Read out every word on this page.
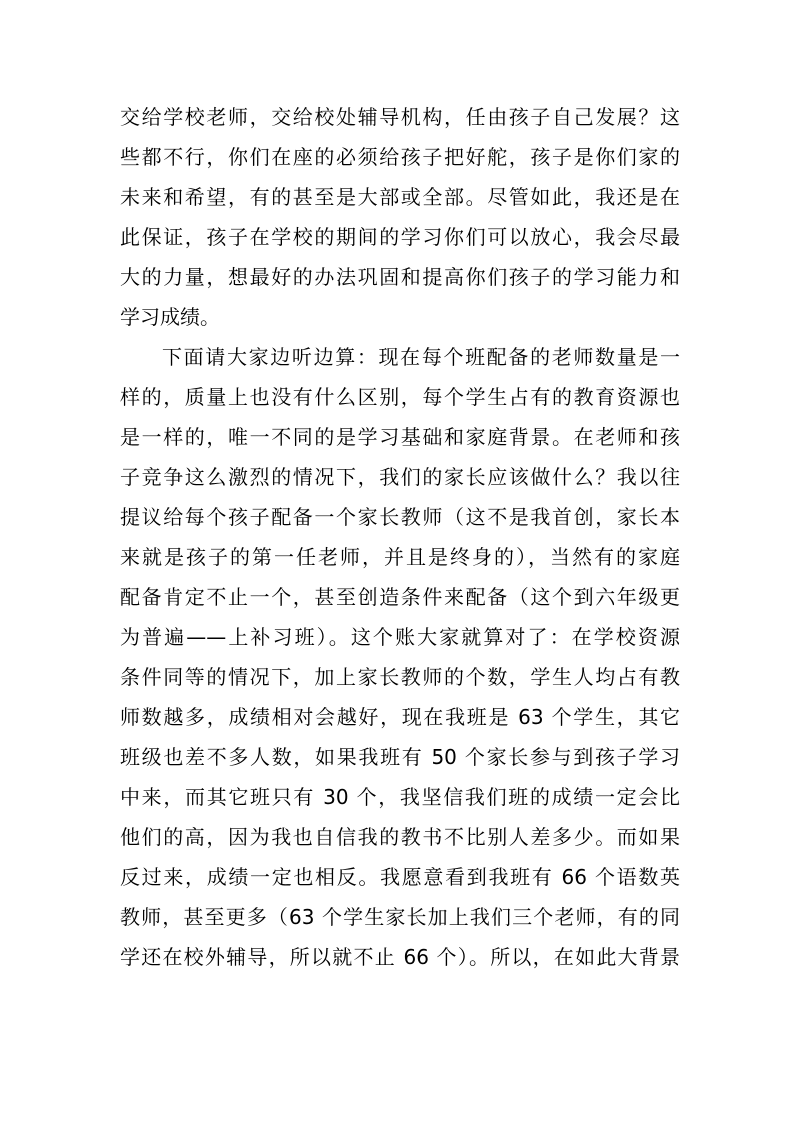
交给学校老师，交给校处辅导机构，任由孩子自己发展？这
些都不行，你们在座的必须给孩子把好舵，孩子是你们家的
未来和希望，有的甚至是大部或全部。尽管如此，我还是在
此保证，孩子在学校的期间的学习你们可以放心，我会尽最
大的力量，想最好的办法巩固和提高你们孩子的学习能力和
学习成绩。
下面请大家边听边算：现在每个班配备的老师数量是一
样的，质量上也没有什么区别，每个学生占有的教育资源也
是一样的，唯一不同的是学习基础和家庭背景。在老师和孩
子竞争这么激烈的情况下，我们的家长应该做什么？我以往
提议给每个孩子配备一个家长教师（这不是我首创，家长本
来就是孩子的第一任老师，并且是终身的），当然有的家庭
配备肯定不止一个，甚至创造条件来配备（这个到六年级更
为普遍——上补习班）。这个账大家就算对了：在学校资源
条件同等的情况下，加上家长教师的个数，学生人均占有教
师数越多，成绩相对会越好，现在我班是 63 个学生，其它
班级也差不多人数，如果我班有 50 个家长参与到孩子学习
中来，而其它班只有 30 个，我坚信我们班的成绩一定会比
他们的高，因为我也自信我的教书不比别人差多少。而如果
反过来，成绩一定也相反。我愿意看到我班有 66 个语数英
教师，甚至更多（63 个学生家长加上我们三个老师，有的同
学还在校外辅导，所以就不止 66 个）。所以，在如此大背景
